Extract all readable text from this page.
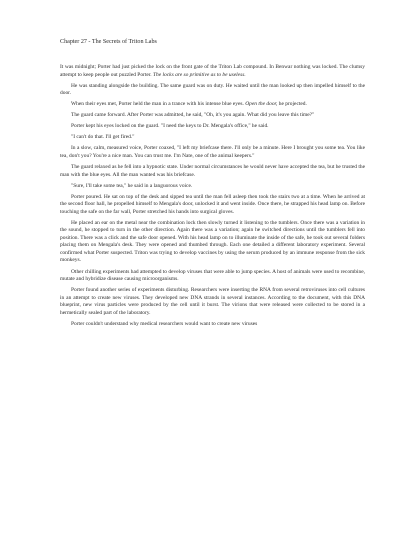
Chapter 27 - The Secrets of Triton Labs

It was midnight; Porter had just picked the lock on the front gate of the Triton Lab compound. In Benwar nothing was locked. The clumsy attempt to keep people out puzzled Porter. The locks are so primitive as to be useless.

He was standing alongside the building. The same guard was on duty. He waited until the man looked up then impelled himself to the door.

When their eyes met, Porter held the man in a trance with his intense blue eyes. Open the door, he projected.

The guard came forward. After Porter was admitted, he said, "Oh, it's you again. What did you leave this time?"

Porter kept his eyes locked on the guard. "I need the keys to Dr. Mengala's office," he said.

"I can't do that. I'll get fired."

In a slow, calm, measured voice, Porter coaxed, "I left my briefcase there. I'll only be a minute. Here I brought you some tea. You like tea, don't you? You're a nice man. You can trust me. I'm Nate, one of the animal keepers."

The guard relaxed as he fell into a hypnotic state. Under normal circumstances he would never have accepted the tea, but he trusted the man with the blue eyes. All the man wanted was his briefcase.

"Sure, I'll take some tea," he said in a languorous voice.

Porter poured. He sat on top of the desk and sipped tea until the man fell asleep then took the stairs two at a time. When he arrived at the second floor hall, he propelled himself to Mengala's door, unlocked it and went inside. Once there, he strapped his head lamp on. Before touching the safe on the far wall, Porter stretched his hands into surgical gloves.

He placed an ear on the metal near the combination lock then slowly turned it listening to the tumblers. Once there was a variation in the sound, he stopped to turn in the other direction. Again there was a variation; again he switched directions until the tumblers fell into position. There was a click and the safe door opened. With his head lamp on to illuminate the inside of the safe, he took out several folders placing them on Mengala's desk. They were opened and thumbed through. Each one detailed a different laboratory experiment. Several confirmed what Porter suspected. Triton was trying to develop vaccines by using the serum produced by an immune response from the sick monkeys.

Other chilling experiments had attempted to develop viruses that were able to jump species. A host of animals were used to recombine, mutate and hybridize disease causing microorganisms.

Porter found another series of experiments disturbing. Researchers were inserting the RNA from several retroviruses into cell cultures in an attempt to create new viruses. They developed new DNA strands in several instances. According to the document, with this DNA blueprint, new virus particles were produced by the cell until it burst. The virions that were released were collected to be stored in a hermetically sealed part of the laboratory.

Porter couldn't understand why medical researchers would want to create new viruses
